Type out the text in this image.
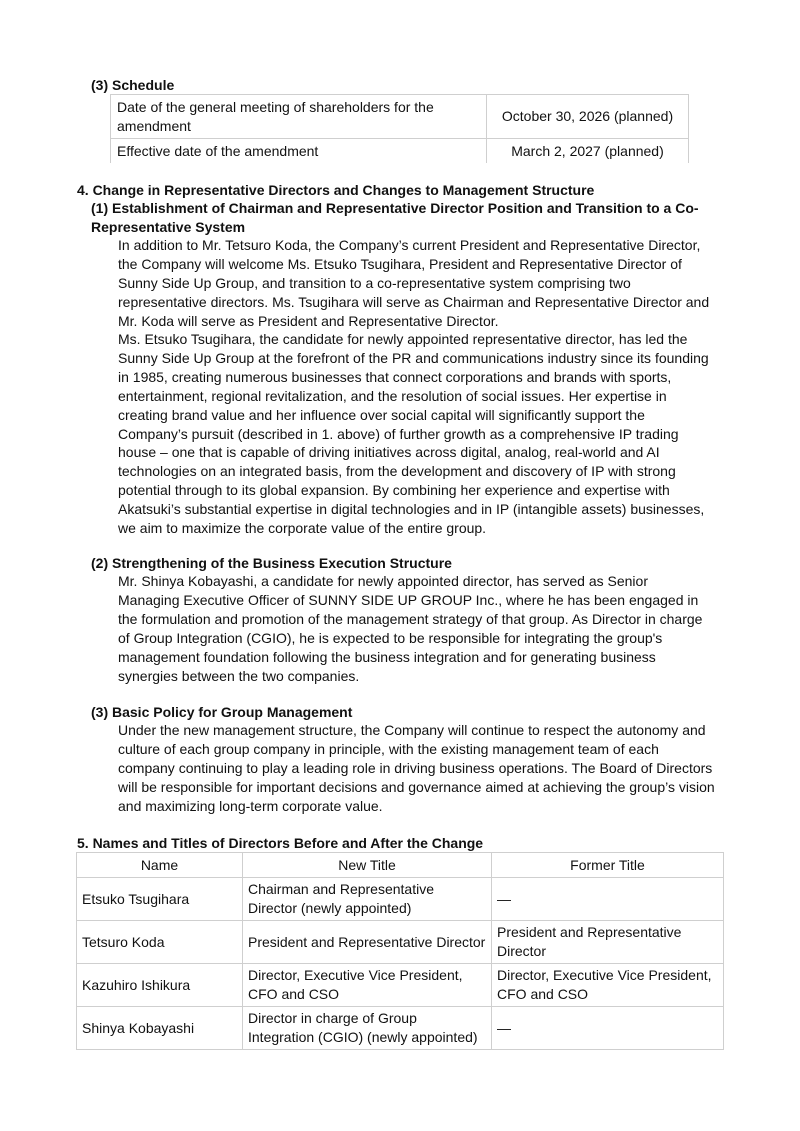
(3) Schedule
Date of the general meeting of shareholders for the amendment	October 30, 2026 (planned)
Effective date of the amendment	March 2, 2027 (planned)
4. Change in Representative Directors and Changes to Management Structure
(1) Establishment of Chairman and Representative Director Position and Transition to a Co-Representative System
In addition to Mr. Tetsuro Koda, the Company’s current President and Representative Director,
the Company will welcome Ms. Etsuko Tsugihara, President and Representative Director of
Sunny Side Up Group, and transition to a co-representative system comprising two
representative directors. Ms. Tsugihara will serve as Chairman and Representative Director and
Mr. Koda will serve as President and Representative Director.
Ms. Etsuko Tsugihara, the candidate for newly appointed representative director, has led the
Sunny Side Up Group at the forefront of the PR and communications industry since its founding
in 1985, creating numerous businesses that connect corporations and brands with sports,
entertainment, regional revitalization, and the resolution of social issues. Her expertise in
creating brand value and her influence over social capital will significantly support the
Company’s pursuit (described in 1. above) of further growth as a comprehensive IP trading
house – one that is capable of driving initiatives across digital, analog, real-world and AI
technologies on an integrated basis, from the development and discovery of IP with strong
potential through to its global expansion. By combining her experience and expertise with
Akatsuki’s substantial expertise in digital technologies and in IP (intangible assets) businesses,
we aim to maximize the corporate value of the entire group.
(2) Strengthening of the Business Execution Structure
Mr. Shinya Kobayashi, a candidate for newly appointed director, has served as Senior
Managing Executive Officer of SUNNY SIDE UP GROUP Inc., where he has been engaged in
the formulation and promotion of the management strategy of that group. As Director in charge
of Group Integration (CGIO), he is expected to be responsible for integrating the group's
management foundation following the business integration and for generating business
synergies between the two companies.
(3) Basic Policy for Group Management
Under the new management structure, the Company will continue to respect the autonomy and
culture of each group company in principle, with the existing management team of each
company continuing to play a leading role in driving business operations. The Board of Directors
will be responsible for important decisions and governance aimed at achieving the group’s vision
and maximizing long-term corporate value.
5. Names and Titles of Directors Before and After the Change
Name	New Title	Former Title
Etsuko Tsugihara	Chairman and Representative Director (newly appointed)	—
Tetsuro Koda	President and Representative Director	President and Representative Director
Kazuhiro Ishikura	Director, Executive Vice President, CFO and CSO	Director, Executive Vice President, CFO and CSO
Shinya Kobayashi	Director in charge of Group Integration (CGIO) (newly appointed)	—
